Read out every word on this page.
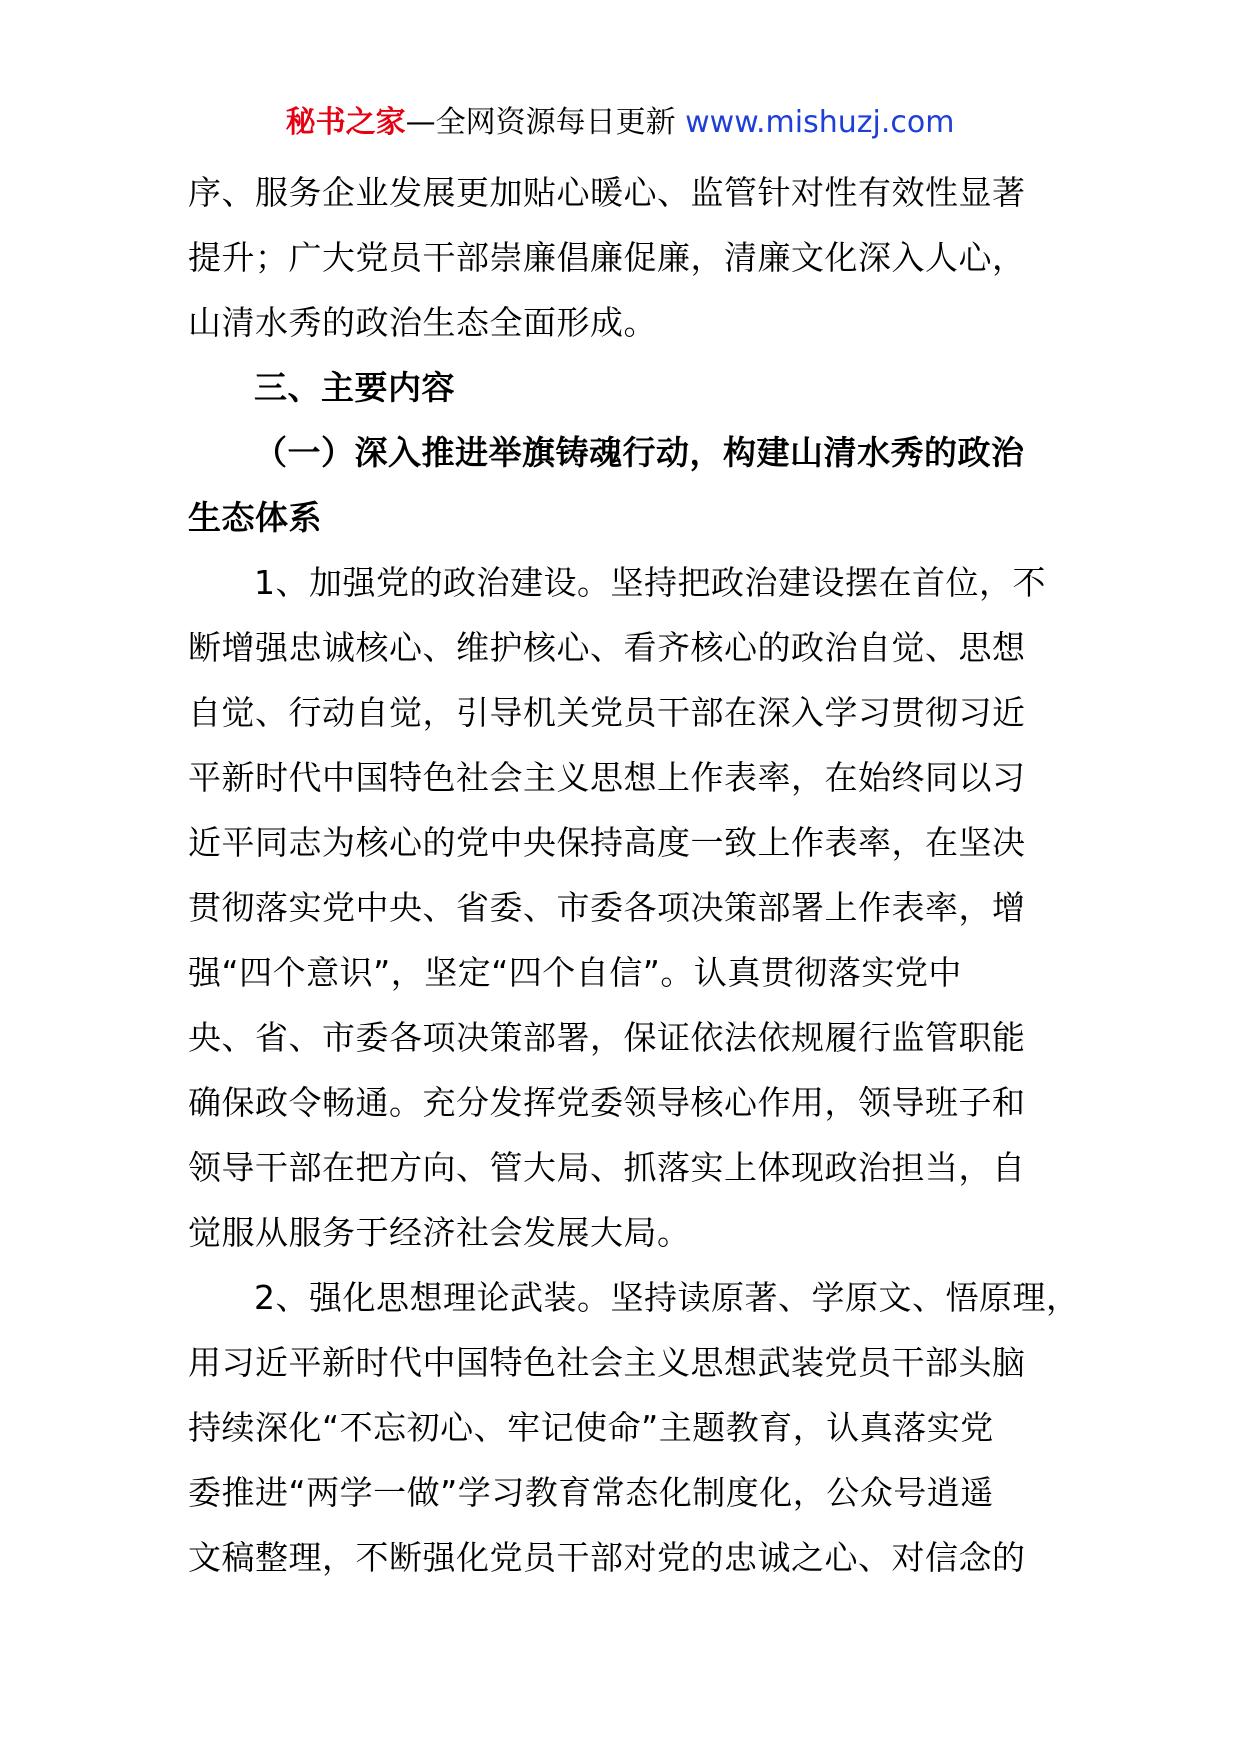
秘书之家—全网资源每日更新 www.mishuzj.com
序、服务企业发展更加贴心暖心、监管针对性有效性显著
提升；广大党员干部崇廉倡廉促廉，清廉文化深入人心，
山清水秀的政治生态全面形成。
三、主要内容
（一）深入推进举旗铸魂行动，构建山清水秀的政治
生态体系
1、加强党的政治建设。坚持把政治建设摆在首位，不
断增强忠诚核心、维护核心、看齐核心的政治自觉、思想
自觉、行动自觉，引导机关党员干部在深入学习贯彻习近
平新时代中国特色社会主义思想上作表率，在始终同以习
近平同志为核心的党中央保持高度一致上作表率，在坚决
贯彻落实党中央、省委、市委各项决策部署上作表率，增
强“四个意识”，坚定“四个自信”。认真贯彻落实党中
央、省、市委各项决策部署，保证依法依规履行监管职能
确保政令畅通。充分发挥党委领导核心作用，领导班子和
领导干部在把方向、管大局、抓落实上体现政治担当，自
觉服从服务于经济社会发展大局。
2、强化思想理论武装。坚持读原著、学原文、悟原理，
用习近平新时代中国特色社会主义思想武装党员干部头脑
持续深化“不忘初心、牢记使命”主题教育，认真落实党
委推进“两学一做”学习教育常态化制度化，公众号逍遥
文稿整理，不断强化党员干部对党的忠诚之心、对信念的
